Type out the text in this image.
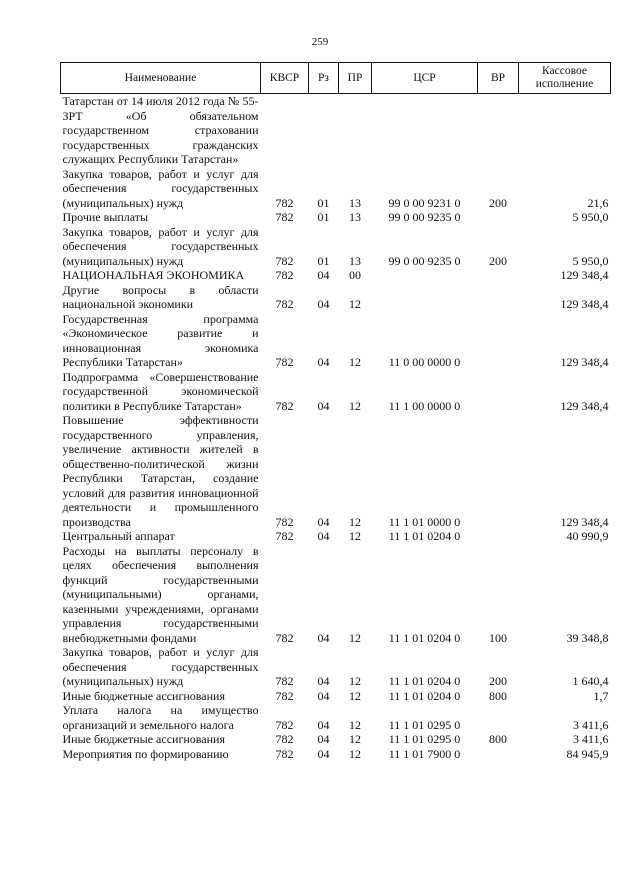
259
Наименование	КВСР	Рз	ПР	ЦСР	ВР	Кассовое исполнение
Татарстан от 14 июля 2012 года № 55-ЗРТ «Об обязательном государственном страховании государственных гражданских служащих Республики Татарстан»						
Закупка товаров, работ и услуг для обеспечения государственных (муниципальных) нужд	782	01	13	99 0 00 9231 0	200	21,6
Прочие выплаты	782	01	13	99 0 00 9235 0		5 950,0
Закупка товаров, работ и услуг для обеспечения государственных (муниципальных) нужд	782	01	13	99 0 00 9235 0	200	5 950,0
НАЦИОНАЛЬНАЯ ЭКОНОМИКА	782	04	00			129 348,4
Другие вопросы в области национальной экономики	782	04	12			129 348,4
Государственная программа «Экономическое развитие и инновационная экономика Республики Татарстан»	782	04	12	11 0 00 0000 0		129 348,4
Подпрограмма «Совершенствование государственной экономической политики в Республике Татарстан»	782	04	12	11 1 00 0000 0		129 348,4
Повышение эффективности государственного управления, увеличение активности жителей в общественно-политической жизни Республики Татарстан, создание условий для развития инновационной деятельности и промышленного производства	782	04	12	11 1 01 0000 0		129 348,4
Центральный аппарат	782	04	12	11 1 01 0204 0		40 990,9
Расходы на выплаты персоналу в целях обеспечения выполнения функций государственными (муниципальными) органами, казенными учреждениями, органами управления государственными внебюджетными фондами	782	04	12	11 1 01 0204 0	100	39 348,8
Закупка товаров, работ и услуг для обеспечения государственных (муниципальных) нужд	782	04	12	11 1 01 0204 0	200	1 640,4
Иные бюджетные ассигнования	782	04	12	11 1 01 0204 0	800	1,7
Уплата налога на имущество организаций и земельного налога	782	04	12	11 1 01 0295 0		3 411,6
Иные бюджетные ассигнования	782	04	12	11 1 01 0295 0	800	3 411,6
Мероприятия по формированию	782	04	12	11 1 01 7900 0		84 945,9
